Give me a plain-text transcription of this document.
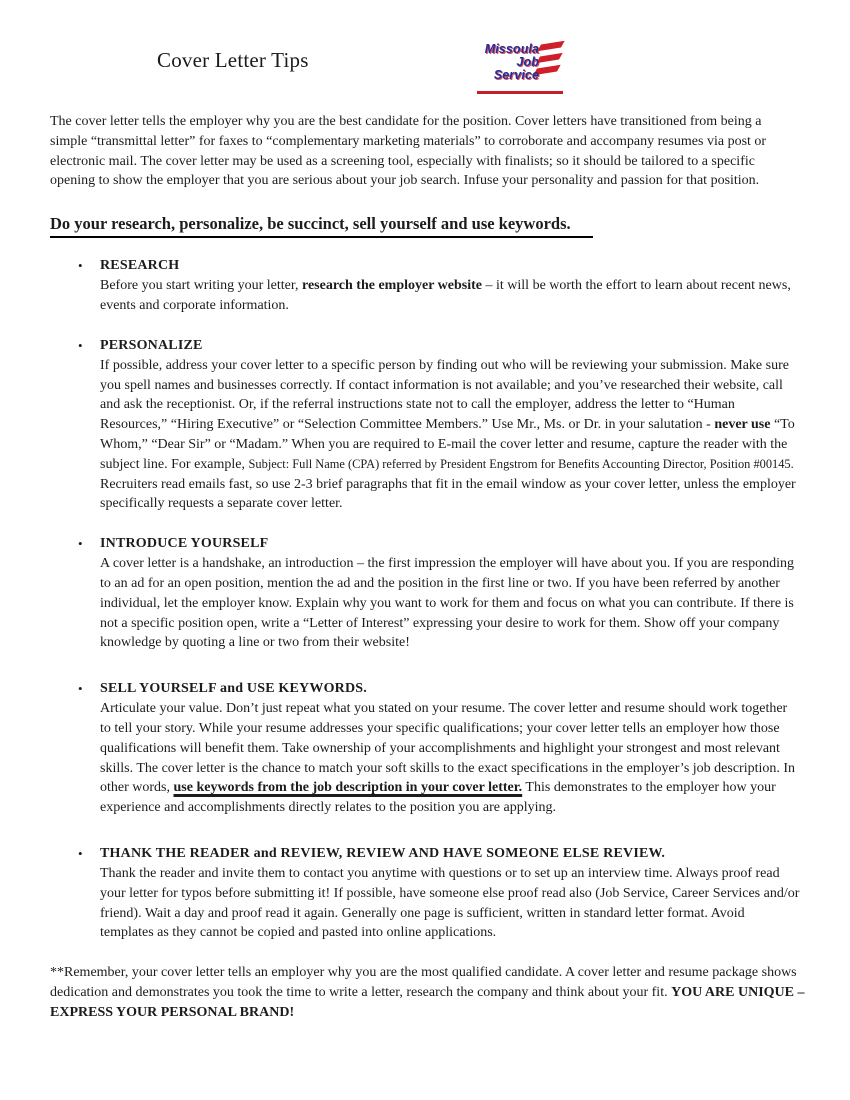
Cover Letter Tips	Missoula
Job
Service

The cover letter tells the employer why you are the best candidate for the position. Cover letters have transitioned from being a simple “transmittal letter” for faxes to “complementary marketing materials” to corroborate and accompany resumes via post or electronic mail. The cover letter may be used as a screening tool, especially with finalists; so it should be tailored to a specific opening to show the employer that you are serious about your job search. Infuse your personality and passion for that position.

Do your research, personalize, be succinct, sell yourself and use keywords.
•	RESEARCH

Before you start writing your letter, research the employer website – it will be worth the effort to learn about recent news, events and corporate information.

•	PERSONALIZE

If possible, address your cover letter to a specific person by finding out who will be reviewing your submission. Make sure you spell names and businesses correctly. If contact information is not available; and you’ve researched their website, call and ask the receptionist. Or, if the referral instructions state not to call the employer, address the letter to “Human Resources,” “Hiring Executive” or “Selection Committee Members.” Use Mr., Ms. or Dr. in your salutation - never use “To Whom,” “Dear Sir” or “Madam.” When you are required to E-mail the cover letter and resume, capture the reader with the subject line. For example, Subject: Full Name (CPA) referred by President Engstrom for Benefits Accounting Director, Position #00145. Recruiters read emails fast, so use 2-3 brief paragraphs that fit in the email window as your cover letter, unless the employer specifically requests a separate cover letter.

•	INTRODUCE YOURSELF

A cover letter is a handshake, an introduction – the first impression the employer will have about you. If you are responding to an ad for an open position, mention the ad and the position in the first line or two. If you have been referred by another individual, let the employer know. Explain why you want to work for them and focus on what you can contribute. If there is not a specific position open, write a “Letter of Interest” expressing your desire to work for them. Show off your company knowledge by quoting a line or two from their website!

•	SELL YOURSELF and USE KEYWORDS.

Articulate your value. Don’t just repeat what you stated on your resume. The cover letter and resume should work together to tell your story. While your resume addresses your specific qualifications; your cover letter tells an employer how those qualifications will benefit them. Take ownership of your accomplishments and highlight your strongest and most relevant skills. The cover letter is the chance to match your soft skills to the exact specifications in the employer’s job description. In other words, use keywords from the job description in your cover letter. This demonstrates to the employer how your experience and accomplishments directly relates to the position you are applying.

•	THANK THE READER and REVIEW, REVIEW AND HAVE SOMEONE ELSE REVIEW.

Thank the reader and invite them to contact you anytime with questions or to set up an interview time. Always proof read your letter for typos before submitting it! If possible, have someone else proof read also (Job Service, Career Services and/or friend). Wait a day and proof read it again. Generally one page is sufficient, written in standard letter format. Avoid templates as they cannot be copied and pasted into online applications.

**Remember, your cover letter tells an employer why you are the most qualified candidate. A cover letter and resume package shows dedication and demonstrates you took the time to write a letter, research the company and think about your fit. YOU ARE UNIQUE – EXPRESS YOUR PERSONAL BRAND!
